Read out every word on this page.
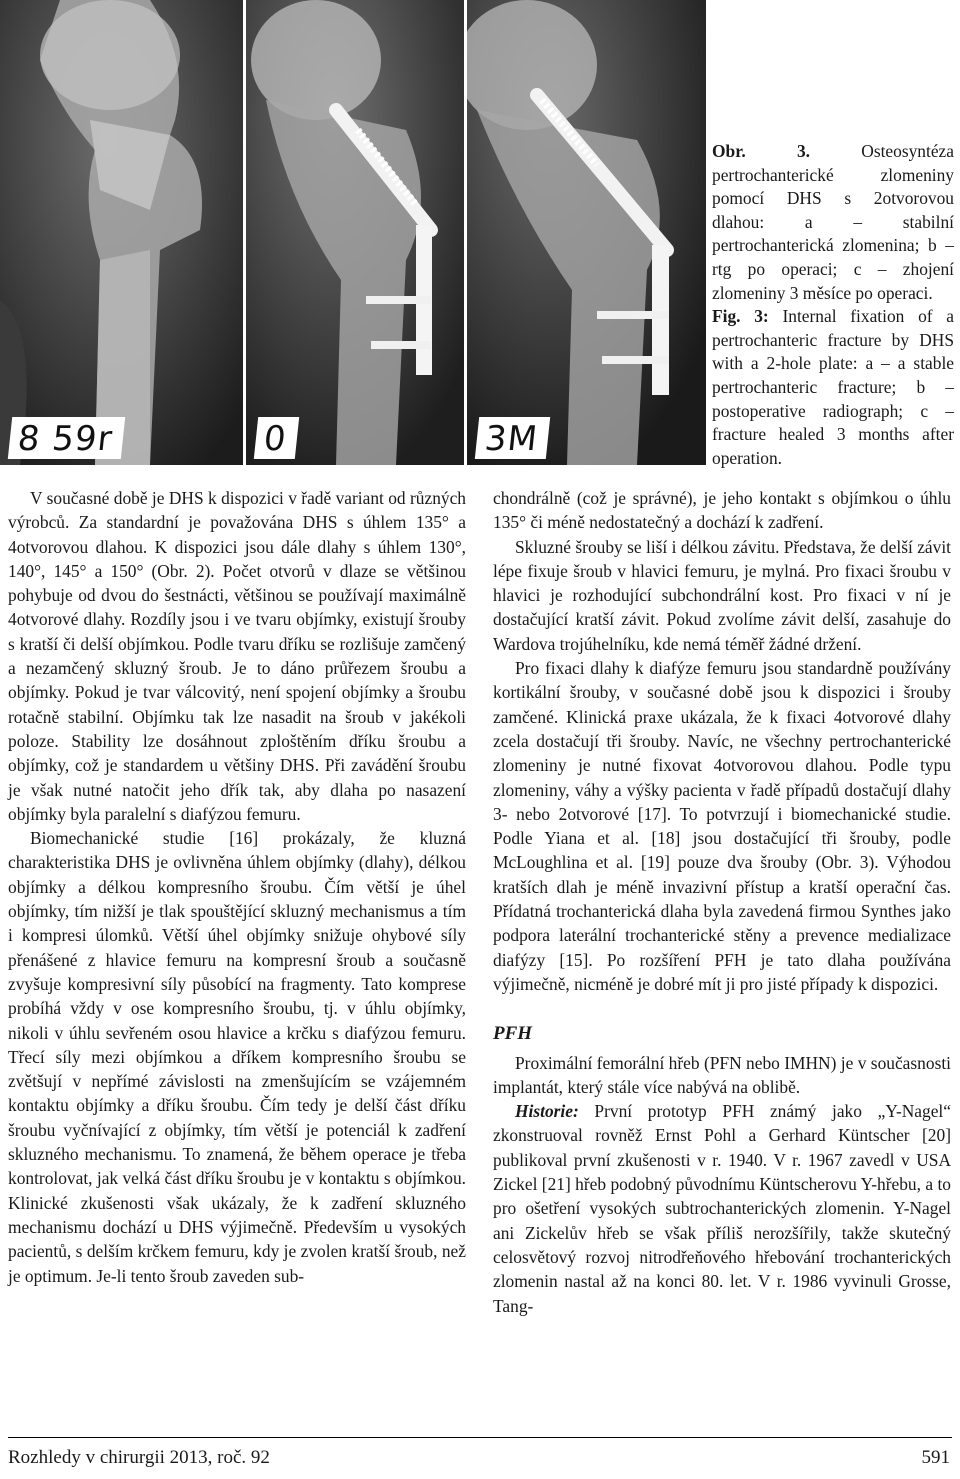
8 59r	0	3M

Obr. 3.	Osteosyntéza pertrochanterické zlomeniny pomocí DHS s 2otvorovou dlahou: a – stabilní pertrochanterická zlomenina; b – rtg po operaci; c – zhojení zlomeniny 3 měsíce po operaci.

Fig. 3: Internal fixation of a pertrochanteric fracture by DHS with a 2-hole plate: a – a stable pertrochanteric fracture; b – postoperative radiograph; c – fracture healed 3 months after operation.

V současné době je DHS k dispozici v řadě variant od různých výrobců. Za standardní je považována DHS s úhlem 135° a 4otvorovou dlahou. K dispozici jsou dále dlahy s úhlem 130°, 140°, 145° a 150° (Obr. 2). Počet otvorů v dlaze se většinou pohybuje od dvou do šestnácti, většinou se používají maximálně 4otvorové dlahy. Rozdíly jsou i ve tvaru objímky, existují šrouby s kratší či delší objímkou. Podle tvaru dříku se rozlišuje zamčený a nezamčený skluzný šroub. Je to dáno průřezem šroubu a objímky. Pokud je tvar válcovitý, není spojení objímky a šroubu rotačně stabilní. Objímku tak lze nasadit na šroub v jakékoli poloze. Stability lze dosáhnout zploštěním dříku šroubu a objímky, což je standardem u většiny DHS. Při zavádění šroubu je však nutné natočit jeho dřík tak, aby dlaha po nasazení objímky byla paralelní s diafýzou femuru.

Biomechanické studie [16] prokázaly, že kluzná charakteristika DHS je ovlivněna úhlem objímky (dlahy), délkou objímky a délkou kompresního šroubu. Čím větší je úhel objímky, tím nižší je tlak spouštějící skluzný mechanismus a tím i kompresi úlomků. Větší úhel objímky snižuje ohybové síly přenášené z hlavice femuru na kompresní šroub a současně zvyšuje kompresivní síly působící na fragmenty. Tato komprese probíhá vždy v ose kompresního šroubu, tj. v úhlu objímky, nikoli v úhlu sevřeném osou hlavice a krčku s diafýzou femuru. Třecí síly mezi objímkou a dříkem kompresního šroubu se zvětšují v nepřímé závislosti na zmenšujícím se vzájemném kontaktu objímky a dříku šroubu. Čím tedy je delší část dříku šroubu vyčnívající z objímky, tím větší je potenciál k zadření skluzného mechanismu. To znamená, že během operace je třeba kontrolovat, jak velká část dříku šroubu je v kontaktu s objímkou. Klinické zkušenosti však ukázaly, že k zadření skluzného mechanismu dochází u DHS výjimečně. Především u vysokých pacientů, s delším krčkem femuru, kdy je zvolen kratší šroub, než je optimum. Je-li tento šroub zaveden sub-

chondrálně (což je správné), je jeho kontakt s objímkou o úhlu 135° či méně nedostatečný a dochází k zadření.

Skluzné šrouby se liší i délkou závitu. Představa, že delší závit lépe fixuje šroub v hlavici femuru, je mylná. Pro fixaci šroubu v hlavici je rozhodující subchondrální kost. Pro fixaci v ní je dostačující kratší závit. Pokud zvolíme závit delší, zasahuje do Wardova trojúhelníku, kde nemá téměř žádné držení.

Pro fixaci dlahy k diafýze femuru jsou standardně používány kortikální šrouby, v současné době jsou k dispozici i šrouby zamčené. Klinická praxe ukázala, že k fixaci 4otvorové dlahy zcela dostačují tři šrouby. Navíc, ne všechny pertrochanterické zlomeniny je nutné fixovat 4otvorovou dlahou. Podle typu zlomeniny, váhy a výšky pacienta v řadě případů dostačují dlahy 3- nebo 2otvorové [17]. To potvrzují i biomechanické studie. Podle Yiana et al. [18] jsou dostačující tři šrouby, podle McLoughlina et al. [19] pouze dva šrouby (Obr. 3). Výhodou kratších dlah je méně invazivní přístup a kratší operační čas. Přídatná trochanterická dlaha byla zavedená firmou Synthes jako podpora laterální trochanterické stěny a prevence medializace diafýzy [15]. Po rozšíření PFH je tato dlaha používána výjimečně, nicméně je dobré mít ji pro jisté případy k dispozici.

PFH

Proximální femorální hřeb (PFN nebo IMHN) je v současnosti implantát, který stále více nabývá na oblibě.

Historie: První prototyp PFH známý jako „Y-Nagel“ zkonstruoval rovněž Ernst Pohl a Gerhard Küntscher [20] publikoval první zkušenosti v r. 1940. V r. 1967 zavedl v USA Zickel [21] hřeb podobný původnímu Küntscherovu Y-hřebu, a to pro ošetření vysokých subtrochanterických zlomenin. Y-Nagel ani Zickelův hřeb se však příliš nerozšířily, takže skutečný celosvětový rozvoj nitrodřeňového hřebování trochanterických zlomenin nastal až na konci 80. let. V r. 1986 vyvinuli Grosse, Tang-

Rozhledy v chirurgii 2013, roč. 92	591
